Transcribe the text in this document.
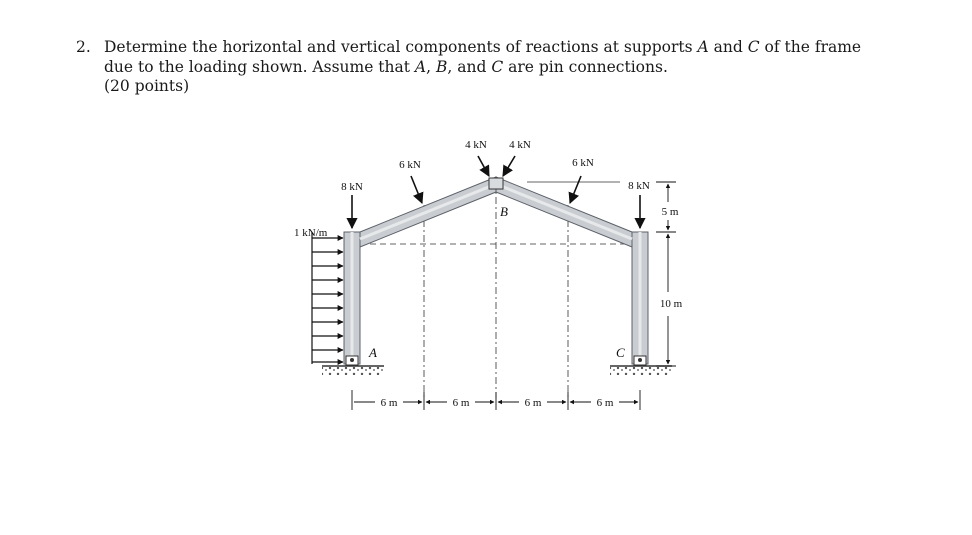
2. Determine the horizontal and vertical components of reactions at supports A and C of the frame
due to the loading shown. Assume that A, B, and C are pin connections.
(20 points)
8 kN
6 kN
4 kN 4 kN
6 kN
8 kN
1 kN/m
5 m
10 m
6 m	6 m	6 m	6 m
A
B
C
